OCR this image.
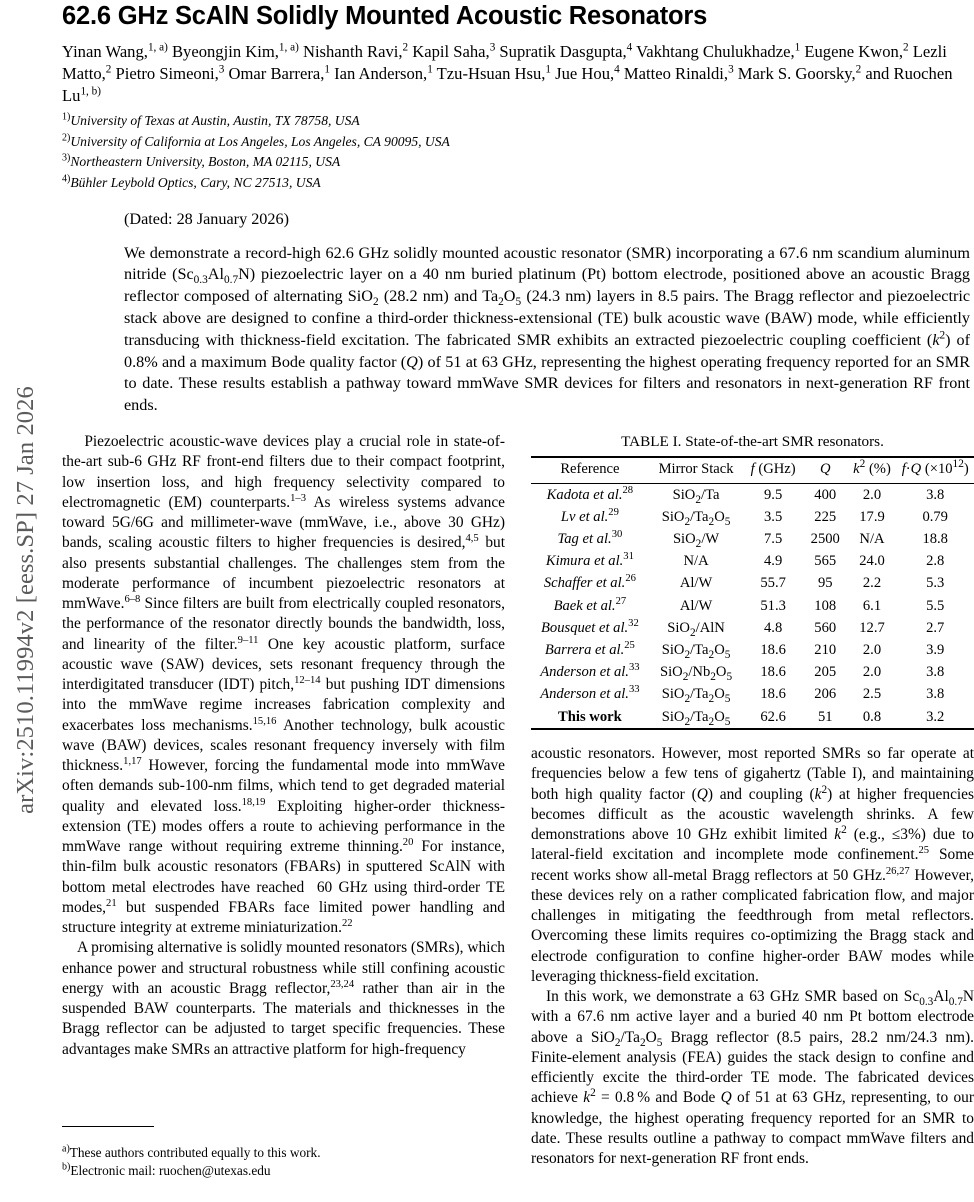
arXiv:2510.11994v2 [eess.SP] 27 Jan 2026
62.6 GHz ScAlN Solidly Mounted Acoustic Resonators
Yinan Wang,$^{1, a)}$ Byeongjin Kim,$^{1, a)}$ Nishanth Ravi,$^2$ Kapil Saha,$^3$ Supratik Dasgupta,$^4$ Vakhtang Chulukhadze,$^1$ Eugene Kwon,$^2$ Lezli Matto,$^2$ Pietro Simeoni,$^3$ Omar Barrera,$^1$ Ian Anderson,$^1$ Tzu-Hsuan Hsu,$^1$ Jue Hou,$^4$ Matteo Rinaldi,$^3$ Mark S. Goorsky,$^2$ and Ruochen Lu$^{1, b)}$
$^{1)}$University of Texas at Austin, Austin, TX 78758, USA
$^{2)}$University of California at Los Angeles, Los Angeles, CA 90095, USA
$^{3)}$Northeastern University, Boston, MA 02115, USA
$^{4)}$Bühler Leybold Optics, Cary, NC 27513, USA
(Dated: 28 January 2026)

We demonstrate a record-high 62.6 GHz solidly mounted acoustic resonator (SMR) incorporating a 67.6 nm scandium aluminum nitride $(Sc_{0.3}Al_{0.7}N)$ piezoelectric layer on a 40 nm buried platinum (Pt) bottom electrode, positioned above an acoustic Bragg reflector composed of alternating SiO$_2$ (28.2 nm) and $Ta_2O_5$ (24.3 nm) layers in 8.5 pairs. The Bragg reflector and piezoelectric stack above are designed to confine a third-order thickness-extensional (TE) bulk acoustic wave (BAW) mode, while efficiently transducing with thickness-field excitation. The fabricated SMR exhibits an extracted piezoelectric coupling coefficient $(k^2)$ of 0.8% and a maximum Bode quality factor (Q) of 51 at 63 GHz, representing the highest operating frequency reported for an SMR to date. These results establish a pathway toward mmWave SMR devices for filters and resonators in next-generation RF front ends.

Piezoelectric acoustic-wave devices play a crucial role in state-of-the-art sub-6 GHz RF front-end filters due to their compact footprint, low insertion loss, and high frequency selectivity compared to electromagnetic (EM) counterparts.$^{1-3}$ As wireless systems advance toward 5G/6G and millimeter-wave (mmWave, i.e., above 30 GHz) bands, scaling acoustic filters to higher frequencies is desired,$^{4,5}$ but also presents substantial challenges. The challenges stem from the moderate performance of incumbent piezoelectric resonators at mmWave.$^{6-8}$ Since filters are built from electrically coupled resonators, the performance of the resonator directly bounds the bandwidth, loss, and linearity of the filter.$^{9-11}$ One key acoustic platform, surface acoustic wave (SAW) devices, sets resonant frequency through the interdigitated transducer (IDT) pitch,$^{12-14}$ but pushing IDT dimensions into the mmWave regime increases fabrication complexity and exacerbates loss mechanisms.$^{15,16}$ Another technology, bulk acoustic wave (BAW) devices, scales resonant frequency inversely with film thickness.$^{1,17}$ However, forcing the fundamental mode into mmWave often demands sub-100-nm films, which tend to get degraded material quality and elevated loss.$^{18,19}$ Exploiting higher-order thickness-extension (TE) modes offers a route to achieving performance in the mmWave range without requiring extreme thinning.$^{20}$ For instance, thin-film bulk acoustic resonators (FBARs) in sputtered ScAlN with bottom metal electrodes have reached  60 GHz using third-order TE modes,$^{21}$ but suspended FBARs face limited power handling and structure integrity at extreme miniaturization.$^{22}$

A promising alternative is solidly mounted resonators (SMRs), which enhance power and structural robustness while still confining acoustic energy with an acoustic Bragg reflector,$^{23,24}$ rather than air in the suspended BAW counterparts. The materials and thicknesses in the Bragg reflector can be adjusted to target specific frequencies. These advantages make SMRs an attractive platform for high-frequency

TABLE I. State-of-the-art SMR resonators.

Reference	Mirror Stack	f (GHz)	Q	$k^2$ (%)	f·Q $(\times 10^{12})$
Kadota et al.$^{28}$	SiO$_2$/Ta	9.5	400	2.0	3.8
Lv et al.$^{29}$	$SiO_2/Ta_2O_5$	3.5	225	17.9	0.79
Tag et al.$^{30}$	SiO$_2$/W	7.5	2500	N/A	18.8
Kimura et al.$^{31}$	N/A	4.9	565	24.0	2.8
Schaffer et al.$^{26}$	Al/W	55.7	95	2.2	5.3
Baek et al.$^{27}$	Al/W	51.3	108	6.1	5.5
Bousquet et al.$^{32}$	SiO$_2$/AlN	4.8	560	12.7	2.7
Barrera et al.$^{25}$	$SiO_2/Ta_2O_5$	18.6	210	2.0	3.9
Anderson et al.$^{33}$	$SiO_2/Nb_2O_5$	18.6	205	2.0	3.8
Anderson et al.$^{33}$	$SiO_2/Ta_2O_5$	18.6	206	2.5	3.8
This work	$SiO_2/Ta_2O_5$	62.6	51	0.8	3.2

acoustic resonators. However, most reported SMRs so far operate at frequencies below a few tens of gigahertz (Table I), and maintaining both high quality factor (Q) and coupling $(k^2)$ at higher frequencies becomes difficult as the acoustic wavelength shrinks. A few demonstrations above 10 GHz exhibit limited $k^2$ (e.g., ≤3%) due to lateral-field excitation and incomplete mode confinement.$^{25}$ Some recent works show all-metal Bragg reflectors at 50 GHz.$^{26,27}$ However, these devices rely on a rather complicated fabrication flow, and major challenges in mitigating the feedthrough from metal reflectors. Overcoming these limits requires co-optimizing the Bragg stack and electrode configuration to confine higher-order BAW modes while leveraging thickness-field excitation.

In this work, we demonstrate a 63 GHz SMR based on $Sc_{0.3}Al_{0.7}N$ with a 67.6 nm active layer and a buried 40 nm Pt bottom electrode above a $SiO_2/Ta_2O_5$ Bragg reflector (8.5 pairs, 28.2 nm/24.3 nm). Finite-element analysis (FEA) guides the stack design to confine and efficiently excite the third-order TE mode. The fabricated devices achieve $k^2 = 0.8$ % and Bode Q of 51 at 63 GHz, representing, to our knowledge, the highest operating frequency reported for an SMR to date. These results outline a pathway to compact mmWave filters and resonators for next-generation RF front ends.

$^{a)}$These authors contributed equally to this work.
$^{b)}$Electronic mail: ruochen@utexas.edu
